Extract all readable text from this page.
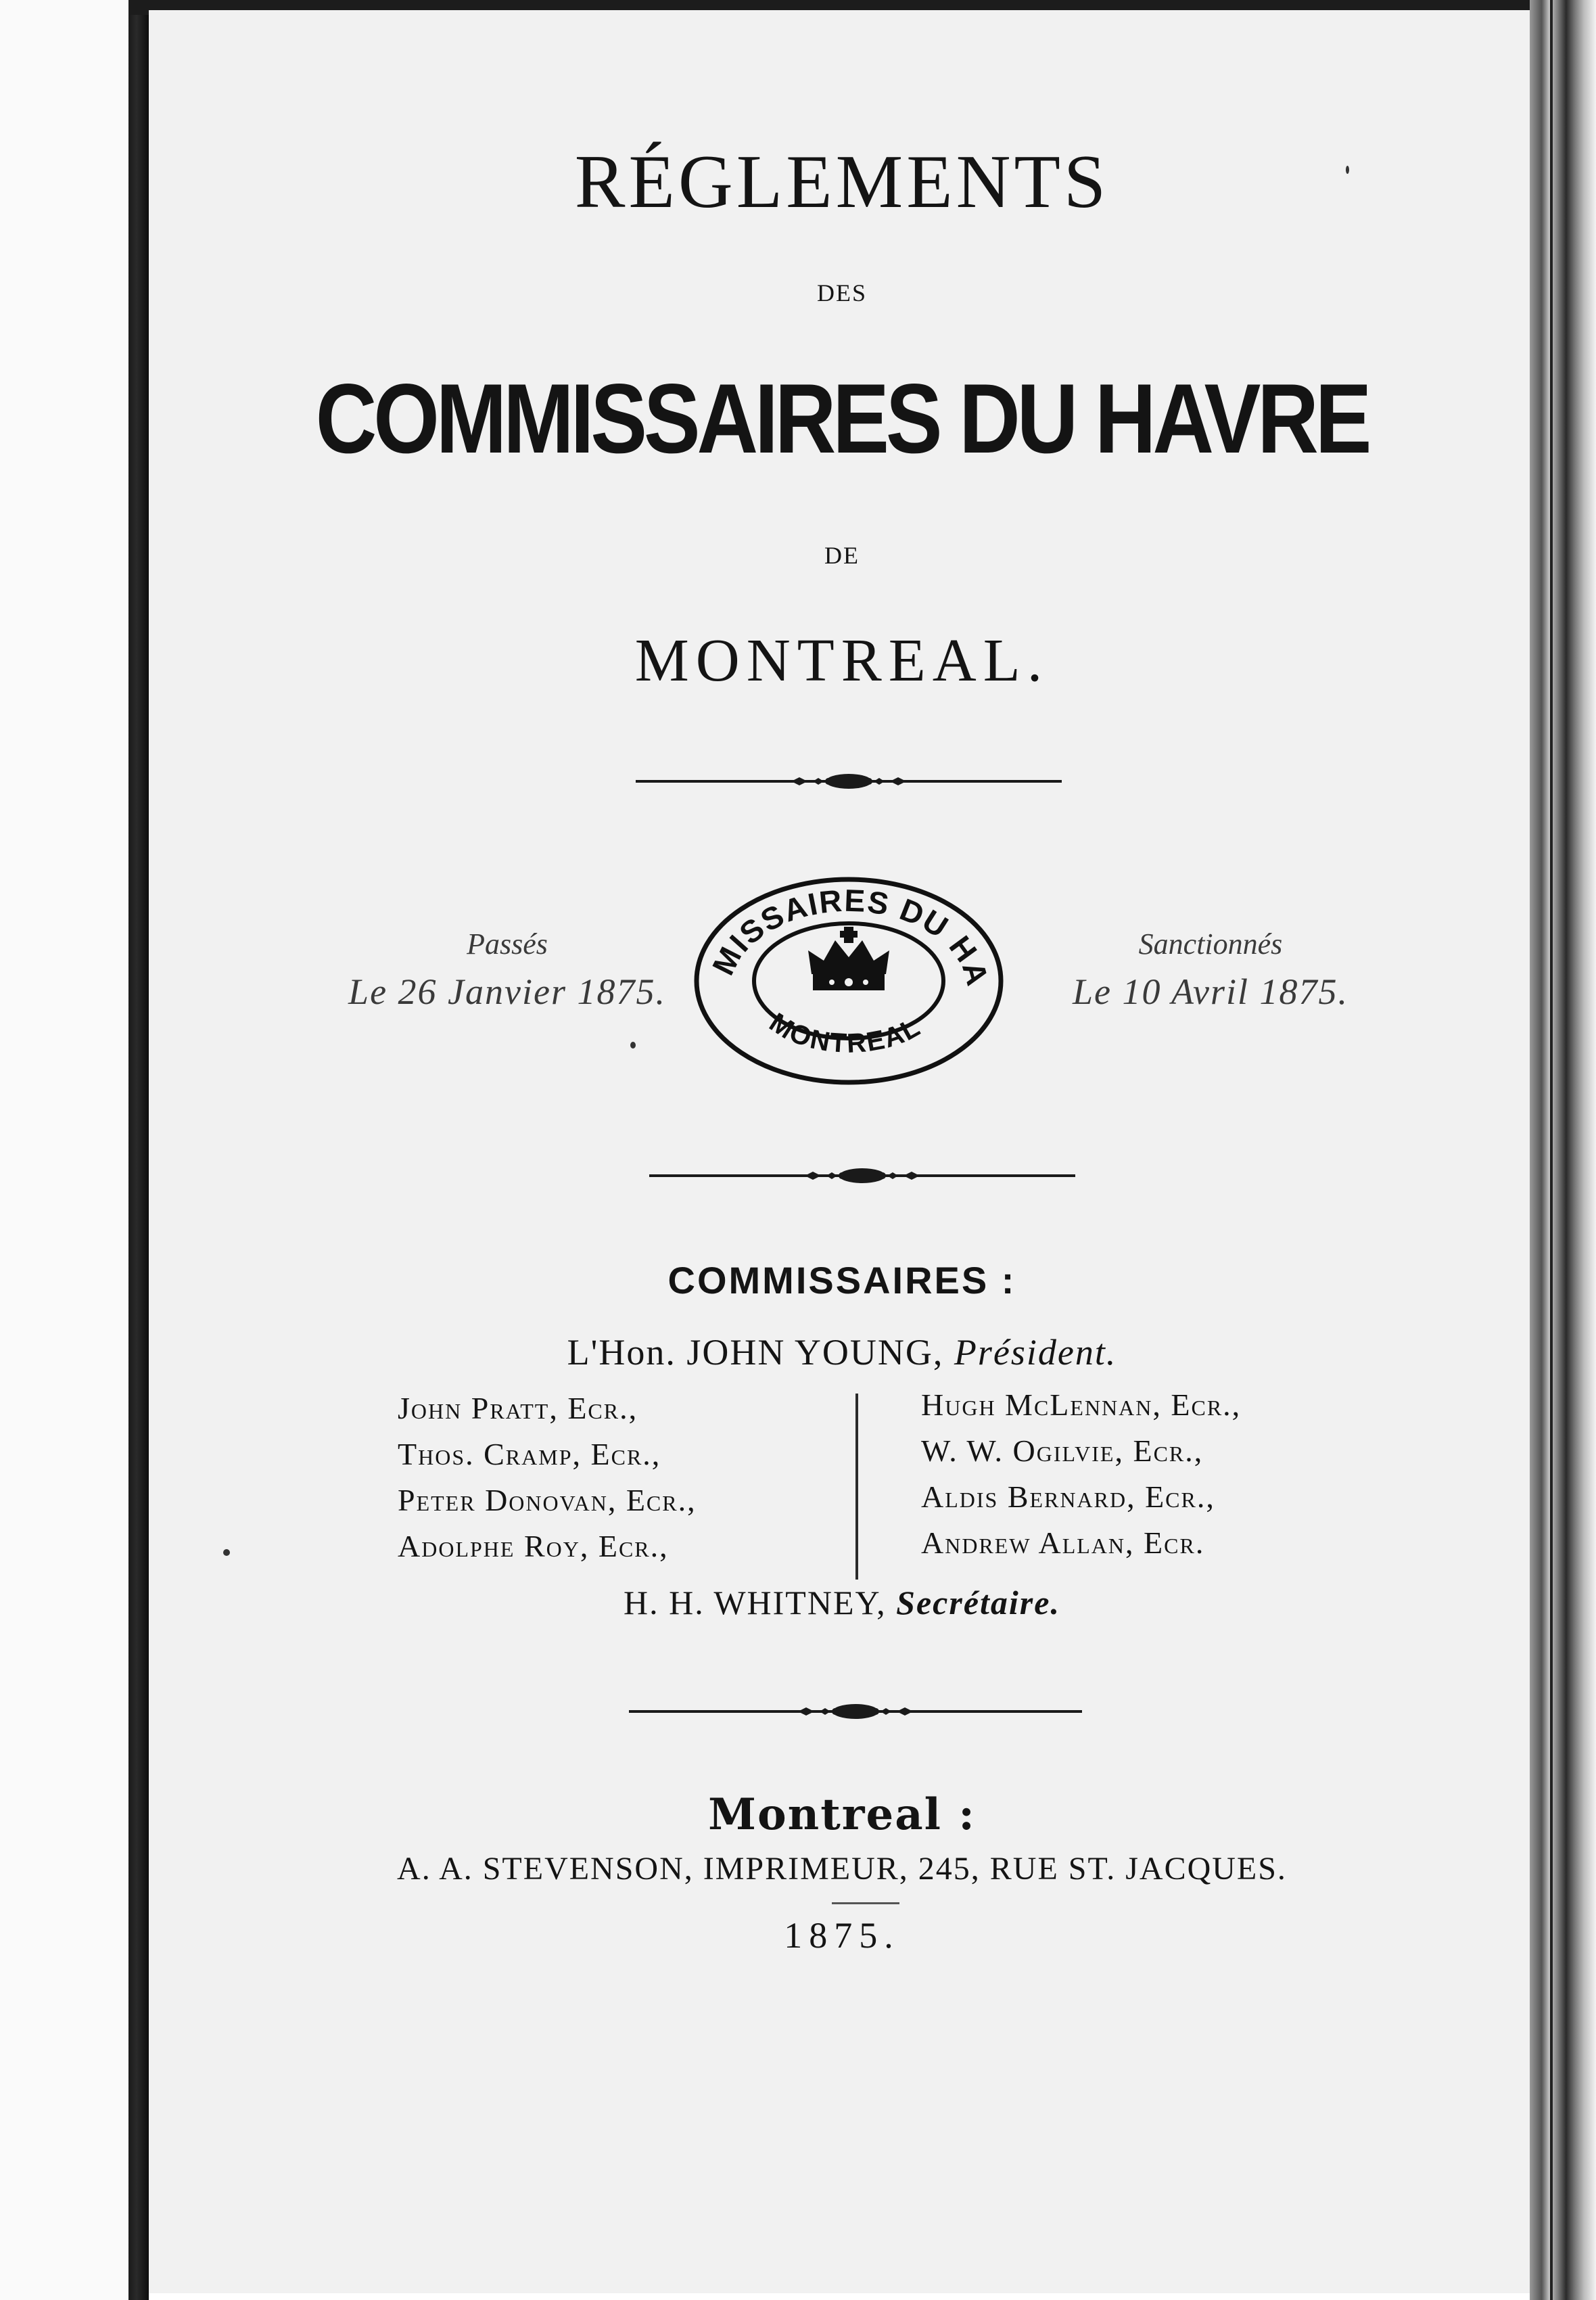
RÉGLEMENTS
DES
COMMISSAIRES DU HAVRE
DE
MONTREAL.
Passés
Le 26 Janvier 1875.
Sanctionnés
Le 10 Avril 1875.
MISSAIRES DU HA
MONTREAL
COMMISSAIRES :
L'Hon. JOHN YOUNG, Président.
John Pratt, Ecr.,
Thos. Cramp, Ecr.,
Peter Donovan, Ecr.,
Adolphe Roy, Ecr.,
Hugh McLennan, Ecr.,
W. W. Ogilvie, Ecr.,
Aldis Bernard, Ecr.,
Andrew Allan, Ecr.
H. H. WHITNEY, Secrétaire.
Montreal :
A. A. STEVENSON, IMPRIMEUR, 245, RUE ST. JACQUES.
1875.
